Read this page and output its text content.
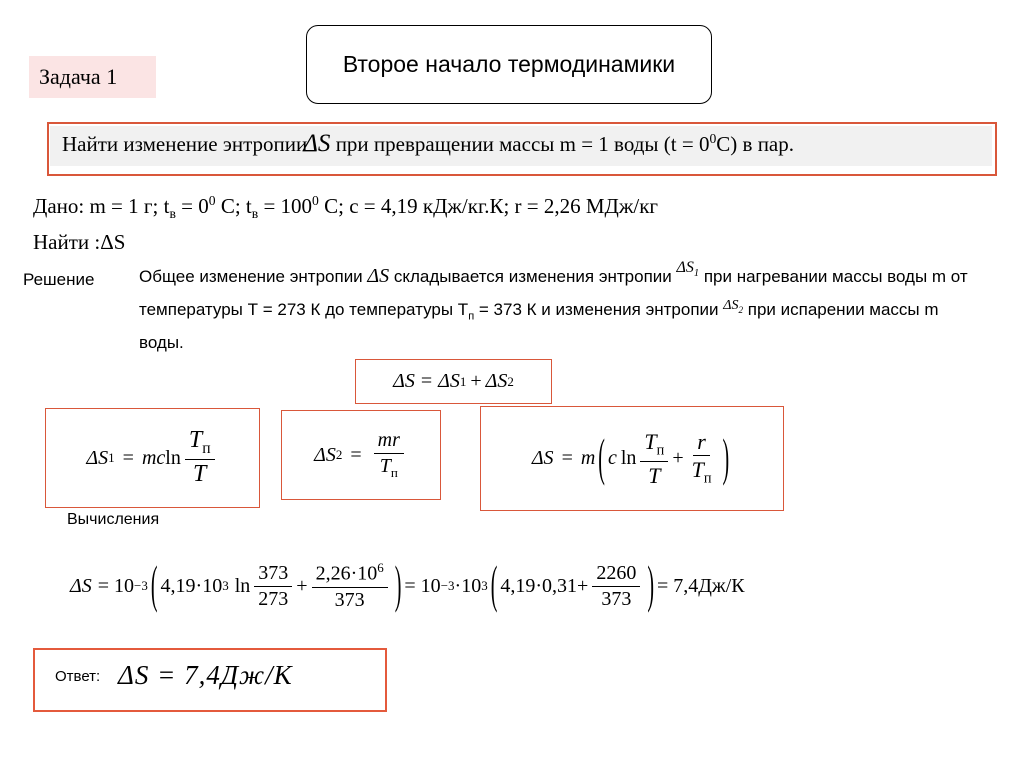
Второе начало термодинамики
Задача 1
Найти изменение энтропииΔS при превращении массы m = 1 воды $(t = 0^0С)$ в пар.
Дано: m = 1 г; $t_в = 0^0$ С; $t_в = 100^0$ С; с = 4,19 кДж/кг.К; r = 2,26 МДж/кг
Найти :ΔS
Решение	Общее изменение энтропии ΔS складывается изменения энтропии $\Delta S_1$ при нагревании массы воды m от температуры Т = 273 К до температуры $Т_п = 373$ К и изменения энтропии $^{\Delta S_2}$ при испарении массы m воды.
ΔS = ΔS 1 + ΔS 2
ΔS 1 = mc $\ln \frac{T_п}{T}$	ΔS $2 = \frac{mr}{T_п}$	ΔS = m ( c $\ln \frac{T_п}{T} + \frac{r}{T_п}$ )
Вычисления
ΔS = 10 −3 ( 4,19·10 3 $\ln \frac{373}{273} + \frac{2,26\cdot 10^6}{373}$ ) = 10 −3 ·10 3 ( $4,19\cdot 0,31 + \frac{2260}{373}$ ) = 7,4Дж/К
Ответ: ΔS = 7,4Дж/К
